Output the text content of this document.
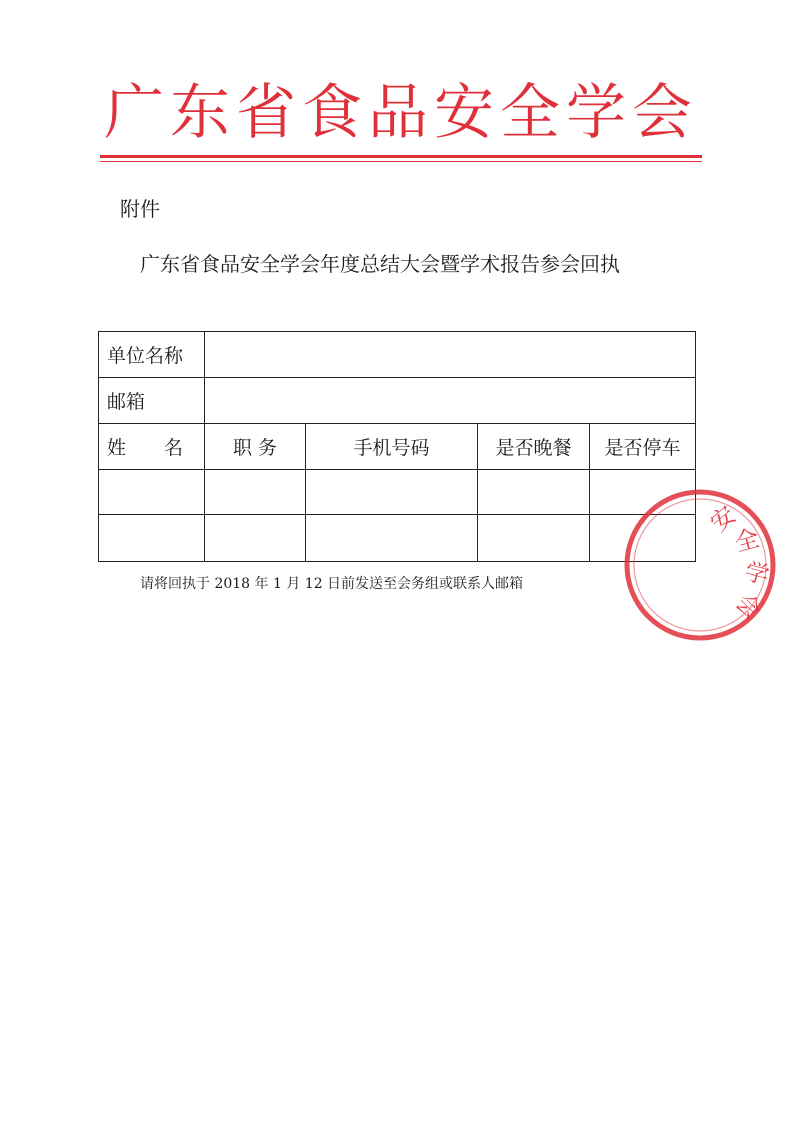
广东省食品安全学会
附件
广东省食品安全学会年度总结大会暨学术报告参会回执
单位名称				
邮箱				
姓　　名	职 务	手机号码	是否晚餐	是否停车

请将回执于 2018 年 1 月 12 日前发送至会务组或联系人邮箱
安
全
学
会
